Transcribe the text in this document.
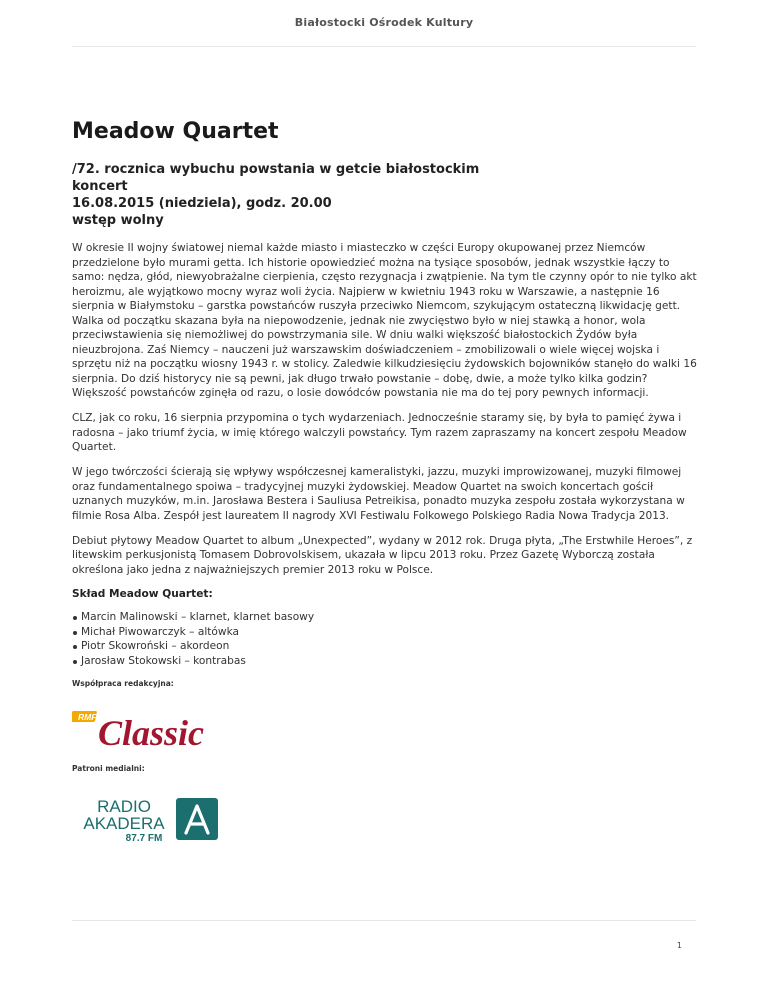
Białostocki Ośrodek Kultury
Meadow Quartet
/72. rocznica wybuchu powstania w getcie białostockim
koncert
16.08.2015 (niedziela), godz. 20.00
wstęp wolny

W okresie II wojny światowej niemal każde miasto i miasteczko w części Europy okupowanej przez Niemców przedzielone było murami getta. Ich historie opowiedzieć można na tysiące sposobów, jednak wszystkie łączy to samo: nędza, głód, niewyobrażalne cierpienia, często rezygnacja i zwątpienie. Na tym tle czynny opór to nie tylko akt heroizmu, ale wyjątkowo mocny wyraz woli życia. Najpierw w kwietniu 1943 roku w Warszawie, a następnie 16 sierpnia w Białymstoku – garstka powstańców ruszyła przeciwko Niemcom, szykującym ostateczną likwidację gett. Walka od początku skazana była na niepowodzenie, jednak nie zwycięstwo było w niej stawką a honor, wola przeciwstawienia się niemożliwej do powstrzymania sile. W dniu walki większość białostockich Żydów była nieuzbrojona. Zaś Niemcy – nauczeni już warszawskim doświadczeniem – zmobilizowali o wiele więcej wojska i sprzętu niż na początku wiosny 1943 r. w stolicy. Zaledwie kilkudziesięciu żydowskich bojowników stanęło do walki 16 sierpnia. Do dziś historycy nie są pewni, jak długo trwało powstanie – dobę, dwie, a może tylko kilka godzin? Większość powstańców zginęła od razu, o losie dowódców powstania nie ma do tej pory pewnych informacji.

CLZ, jak co roku, 16 sierpnia przypomina o tych wydarzeniach. Jednocześnie staramy się, by była to pamięć żywa i radosna – jako triumf życia, w imię którego walczyli powstańcy. Tym razem zapraszamy na koncert zespołu Meadow Quartet.

W jego twórczości ścierają się wpływy współczesnej kameralistyki, jazzu, muzyki improwizowanej, muzyki filmowej oraz fundamentalnego spoiwa – tradycyjnej muzyki żydowskiej. Meadow Quartet na swoich koncertach gościł uznanych muzyków, m.in. Jarosława Bestera i Sauliusa Petreikisa, ponadto muzyka zespołu została wykorzystana w filmie Rosa Alba. Zespół jest laureatem II nagrody XVI Festiwalu Folkowego Polskiego Radia Nowa Tradycja 2013.

Debiut płytowy Meadow Quartet to album „Unexpected”, wydany w 2012 rok. Druga płyta, „The Erstwhile Heroes”, z litewskim perkusjonistą Tomasem Dobrovolskisem, ukazała w lipcu 2013 roku. Przez Gazetę Wyborczą została określona jako jedna z najważniejszych premier 2013 roku w Polsce.

Skład Meadow Quartet:
Marcin Malinowski – klarnet, klarnet basowy
Michał Piwowarczyk – altówka
Piotr Skowroński – akordeon
Jarosław Stokowski – kontrabas
Współpraca redakcyjna:
RMF Classic
Patroni medialni:
RADIO
AKADERA
87.7 FM
1
